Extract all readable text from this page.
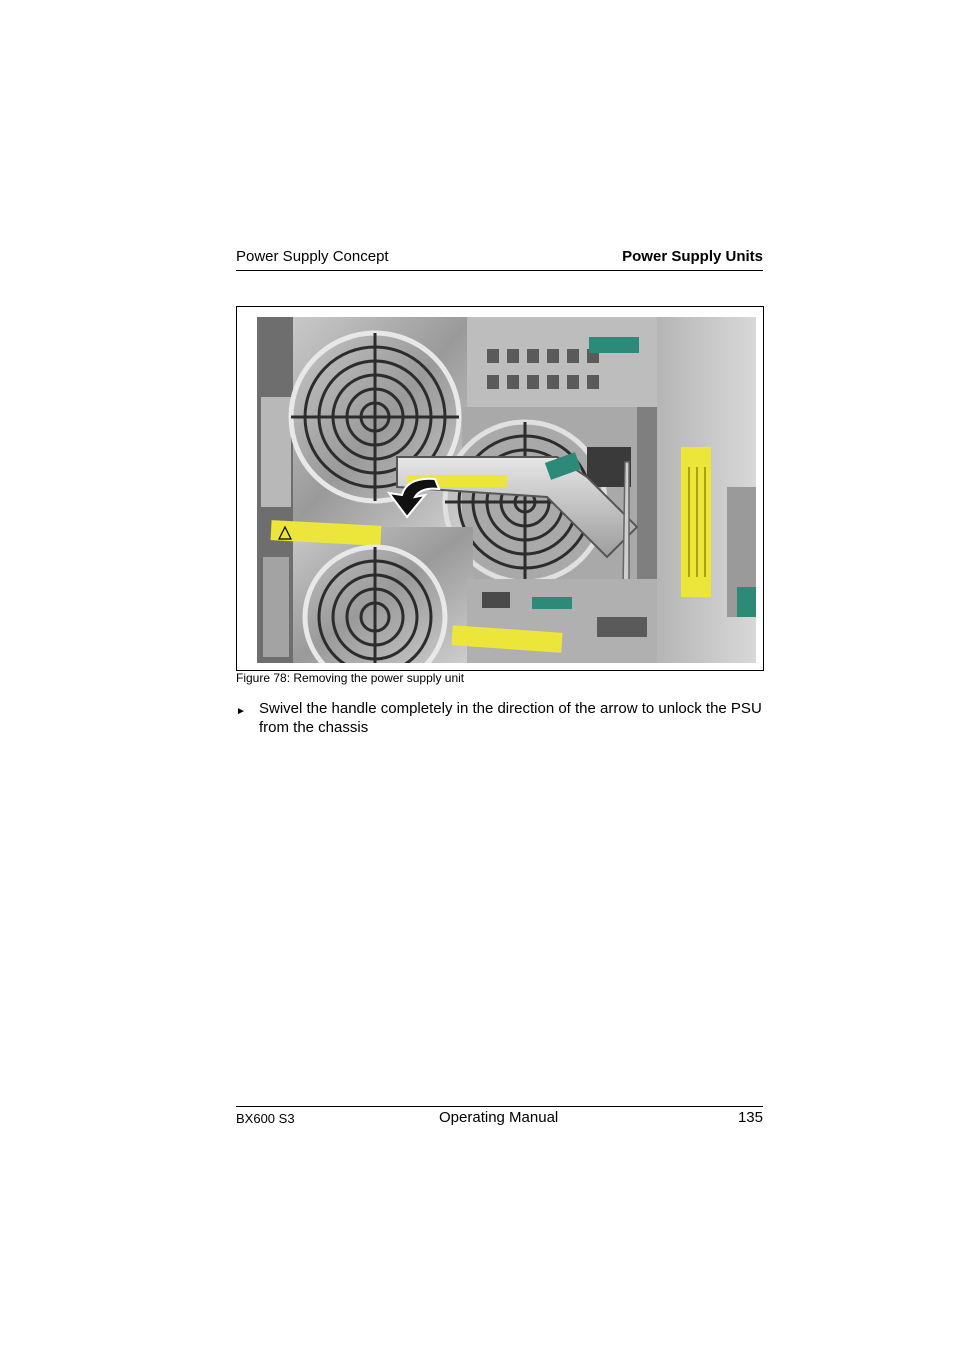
Power Supply Concept	Power Supply Units
Figure 78: Removing the power supply unit
► Swivel the handle completely in the direction of the arrow to unlock the PSU from the chassis
BX600 S3	Operating Manual	135
